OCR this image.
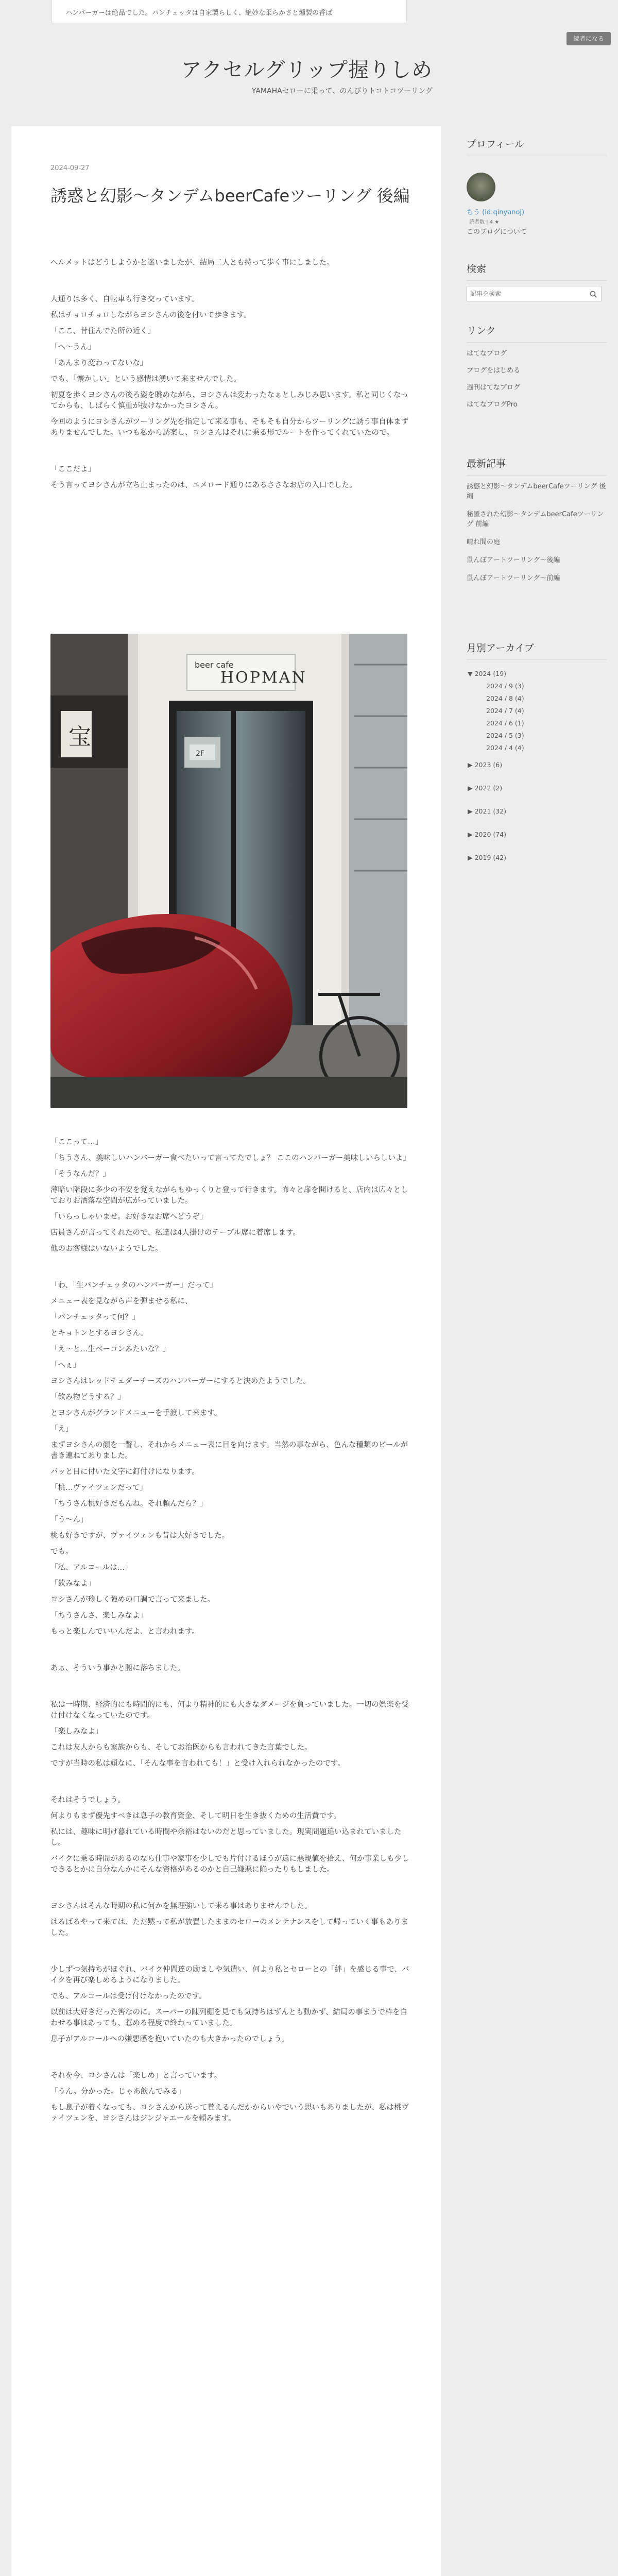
ハンバーガーは絶品でした。パンチェッタは自家製らしく、絶妙な柔らかさと燻製の香ば
読者になる
アクセルグリップ握りしめ
YAMAHAセローに乗って、のんびりトコトコツーリング
2024-09-27
誘惑と幻影～タンデムbeerCafeツーリング 後編

ヘルメットはどうしようかと迷いましたが、結局二人とも持って歩く事にしました。

人通りは多く、自転車も行き交っています。

私はチョロチョロしながらヨシさんの後を付いて歩きます。

「ここ、昔住んでた所の近く」

「へ～うん」

「あんまり変わってないな」

でも、「懐かしい」という感情は湧いて来ませんでした。

初夏を歩くヨシさんの後ろ姿を眺めながら、ヨシさんは変わったなぁとしみじみ思います。私と同じくなってからも、しばらく慎重が抜けなかったヨシさん。

今回のようにヨシさんがツーリング先を指定して来る事も、そもそも自分からツーリングに誘う事自体まずありませんでした。いつも私から誘案し、ヨシさんはそれに乗る形でルートを作ってくれていたので。

「ここだよ」

そう言ってヨシさんが立ち止まったのは、エメロード通りにあるささなお店の入口でした。

宝
beer cafe
HOPMAN
2F

「ここって…」

「ちうさん、美味しいハンバーガー食べたいって言ってたでしょ？ ここのハンバーガー美味しいらしいよ」

「そうなんだ？」

薄暗い階段に多少の不安を覚えながらもゆっくりと登って行きます。怖々と扉を開けると、店内は広々としておりお洒落な空間が広がっていました。

「いらっしゃいませ。お好きなお席へどうぞ」

店員さんが言ってくれたので、私達は4人掛けのテーブル席に着席します。

他のお客様はいないようでした。

「わ、「生パンチェッタのハンバーガー」だって」

メニュー表を見ながら声を弾ませる私に、

「パンチェッタって何？」

とキョトンとするヨシさん。

「え～と…生ベーコンみたいな？」

「へぇ」

ヨシさんはレッドチェダーチーズのハンバーガーにすると決めたようでした。

「飲み物どうする？」

とヨシさんがグランドメニューを手渡して来ます。

「え」

まずヨシさんの顔を一瞥し、それからメニュー表に目を向けます。当然の事ながら、色んな種類のビールが書き連ねてありました。

パッと目に付いた文字に釘付けになります。

「桃…ヴァイツェンだって」

「ちうさん桃好きだもんね。それ頼んだら？」

「う～ん」

桃も好きですが、ヴァイツェンも昔は大好きでした。

でも。

「私、アルコールは…」

「飲みなよ」

ヨシさんが珍しく強めの口調で言って来ました。

「ちうさんさ、楽しみなよ」

もっと楽しんでいいんだよ、と言われます。

あぁ、そういう事かと腑に落ちました。

私は一時期、経済的にも時間的にも、何より精神的にも大きなダメージを負っていました。一切の娯楽を受け付けなくなっていたのです。

「楽しみなよ」

これは友人からも家族からも、そしてお治医からも言われてきた言葉でした。

ですが当時の私は頑なに、「そんな事を言われても！」と受け入れられなかったのです。

それはそうでしょう。

何よりもまず優先すべきは息子の教育資金、そして明日を生き抜くための生活費です。

私には、趣味に明け暮れている時間や余裕はないのだと思っていました。現実問題追い込まれていましたし。

バイクに乗る時間があるのなら仕事や家事を少しでも片付けるほうが遠に悪規値を拾え、何か事業しも少しできるとかに自分なんかにそんな資格があるのかと自己嫌悪に陥ったりもしました。

ヨシさんはそんな時期の私に何かを無理強いして来る事はありませんでした。

はるばるやって来ては、ただ黙って私が放置したままのセローのメンテナンスをして帰っていく事もありました。

少しずつ気持ちがほぐれ、バイク仲間達の励ましや気遣い、何より私とセローとの「絆」を感じる事で、バイクを再び楽しめるようになりました。

でも、アルコールは受け付けなかったのです。

以前は大好きだった筈なのに。スーパーの陳列棚を見ても気持ちはずんとも動かず、結局の事まうで枠を自わせる事はあっても、惹める程度で終わっていました。

息子がアルコールへの嫌悪感を抱いていたのも大きかったのでしょう。

それを今、ヨシさんは「楽しめ」と言っています。

「うん。分かった。じゃあ飲んでみる」

もし息子が着くなっても、ヨシさんから送って貰えるんだかからいやでいう思いもありましたが、私は桃ヴァイツェンを、ヨシさんはジンジャエールを頼みます。

プロフィール
ちう (id:qinyanoj)
読者数 | 4 ★
このブログについて
検索
記事を検索
リンク
はてなブログ
ブログをはじめる
週刊はてなブログ
はてなブログPro
最新記事
誘惑と幻影～タンデムbeerCafeツーリング 後編
秘匿された幻影～タンデムbeerCafeツーリング 前編
晴れ間の庭
鼠んぼアートツーリング～後編
鼠んぼアートツーリング～前編
月別アーカイブ
▼ 2024 (19)
2024 / 9 (3)
2024 / 8 (4)
2024 / 7 (4)
2024 / 6 (1)
2024 / 5 (3)
2024 / 4 (4)
▶ 2023 (6)
▶ 2022 (2)
▶ 2021 (32)
▶ 2020 (74)
▶ 2019 (42)
